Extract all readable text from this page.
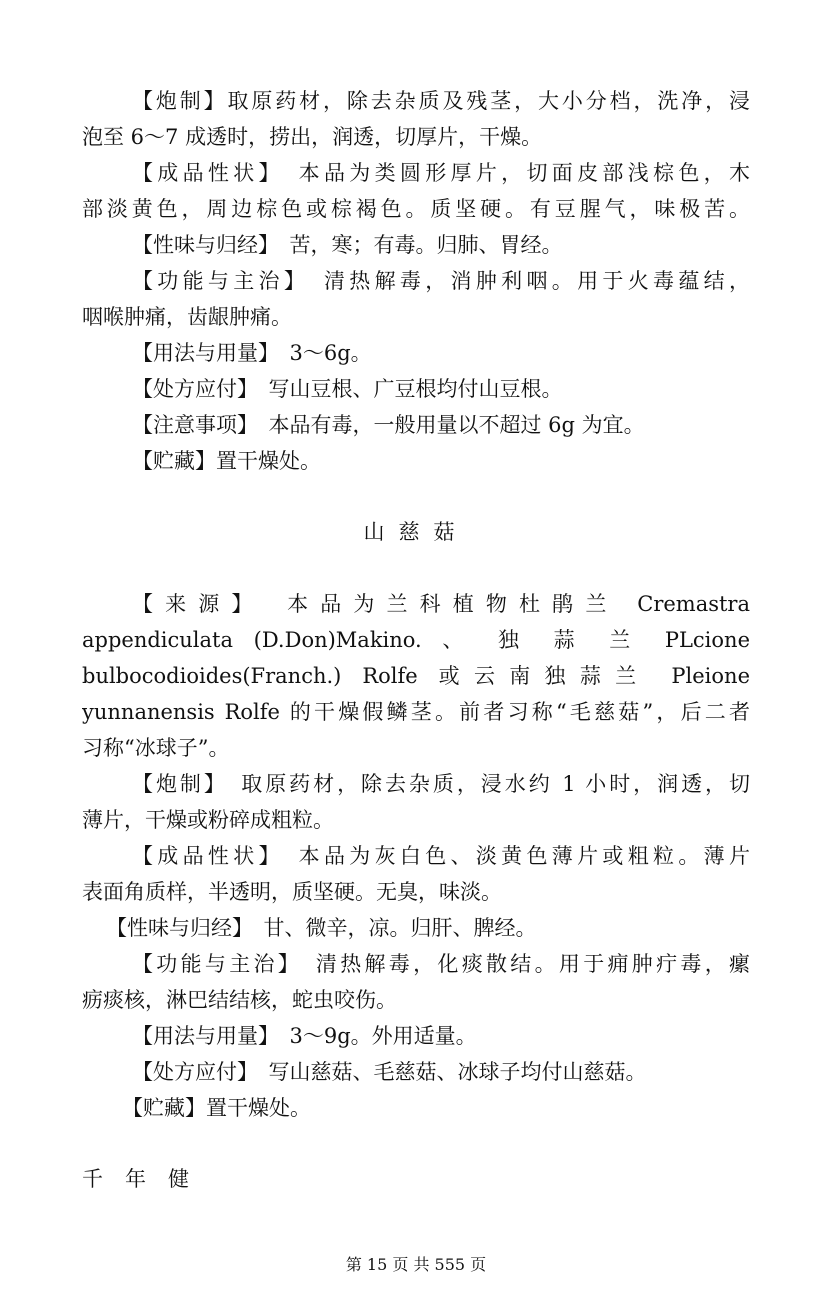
【炮制】取原药材，除去杂质及残茎，大小分档，洗净，浸
泡至 6～7 成透时，捞出，润透，切厚片，干燥。
【成品性状】　本品为类圆形厚片，切面皮部浅棕色，木
部淡黄色，周边棕色或棕褐色。质坚硬。有豆腥气，味极苦。
【性味与归经】　苦，寒；有毒。归肺、胃经。
【功能与主治】　清热解毒，消肿利咽。用于火毒蕴结，
咽喉肿痛，齿龈肿痛。
【用法与用量】　3～6g。
【处方应付】　写山豆根、广豆根均付山豆根。
【注意事项】　本品有毒，一般用量以不超过 6g 为宜。
【贮藏】置干燥处。
山慈菇
【来源】　本品为兰科植物杜鹃兰 Cremastra
appendiculata (D.Don)Makino. 、 独 蒜 兰 PLcione
bulbocodioides(Franch.) Rolfe 或云南独蒜兰 Pleione
yunnanensis Rolfe 的干燥假鳞茎。前者习称“毛慈菇”，后二者
习称“冰球子”。
【炮制】　取原药材，除去杂质，浸水约 1 小时，润透，切
薄片，干燥或粉碎成粗粒。
【成品性状】　本品为灰白色、淡黄色薄片或粗粒。薄片
表面角质样，半透明，质坚硬。无臭，味淡。
【性味与归经】　甘、微辛，凉。归肝、脾经。
【功能与主治】　清热解毒，化痰散结。用于痈肿疔毒，瘰
疬痰核，淋巴结结核，蛇虫咬伤。
【用法与用量】　3～9g。外用适量。
【处方应付】　写山慈菇、毛慈菇、冰球子均付山慈菇。
【贮藏】置干燥处。
千年健
第 15 页 共 555 页
